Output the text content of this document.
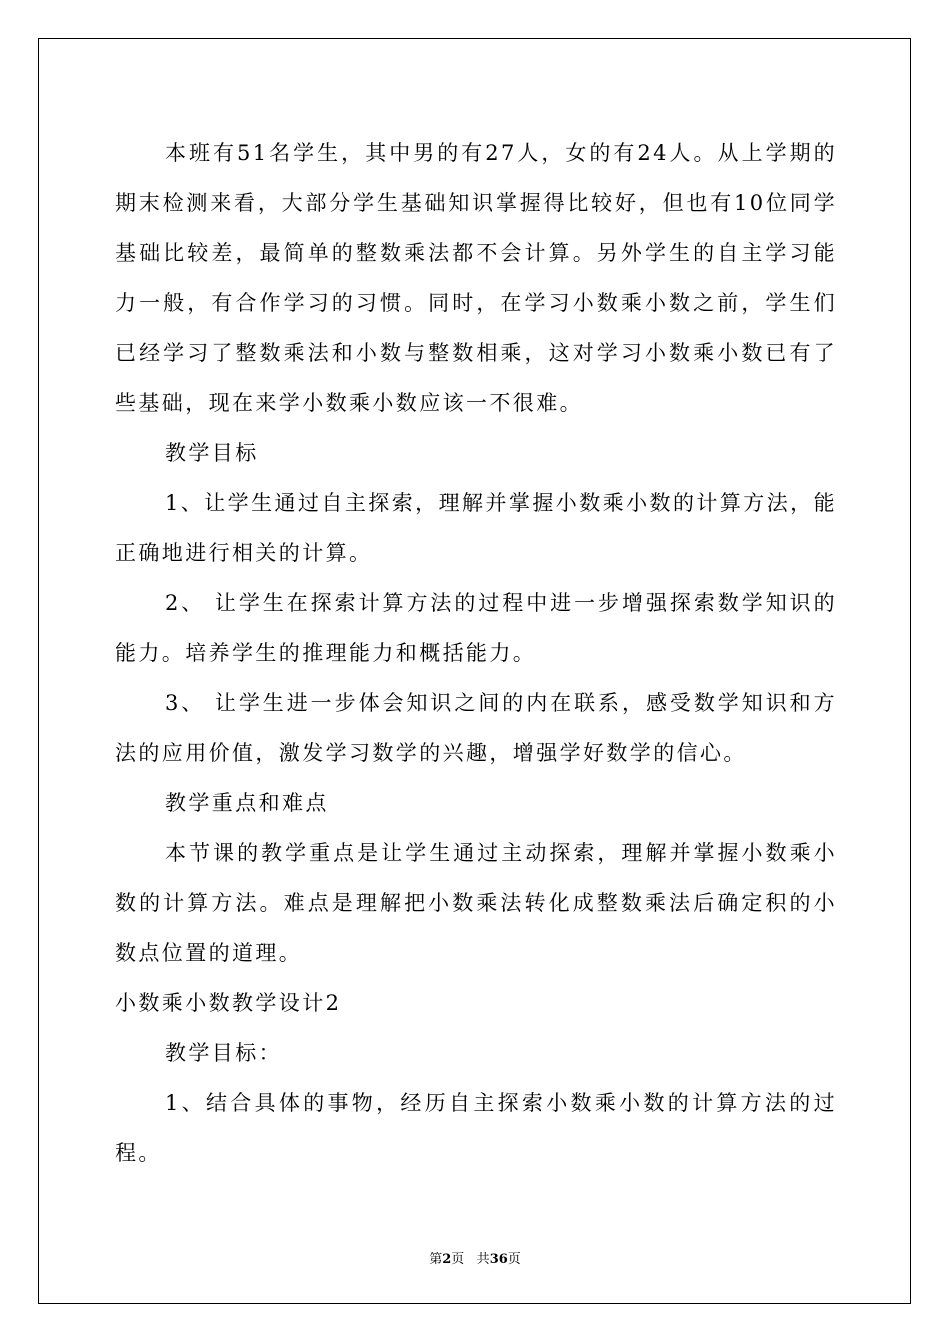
本班有51名学生，其中男的有27人，女的有24人。从上学期的期末检测来看，大部分学生基础知识掌握得比较好，但也有10位同学基础比较差，最简单的整数乘法都不会计算。另外学生的自主学习能力一般，有合作学习的习惯。同时，在学习小数乘小数之前，学生们已经学习了整数乘法和小数与整数相乘，这对学习小数乘小数已有了些基础，现在来学小数乘小数应该一不很难。

教学目标

1、让学生通过自主探索，理解并掌握小数乘小数的计算方法，能正确地进行相关的计算。

2、 让学生在探索计算方法的过程中进一步增强探索数学知识的能力。培养学生的推理能力和概括能力。

3、 让学生进一步体会知识之间的内在联系，感受数学知识和方法的应用价值，激发学习数学的兴趣，增强学好数学的信心。

教学重点和难点

本节课的教学重点是让学生通过主动探索，理解并掌握小数乘小数的计算方法。难点是理解把小数乘法转化成整数乘法后确定积的小数点位置的道理。

小数乘小数教学设计2

教学目标：

1、结合具体的事物，经历自主探索小数乘小数的计算方法的过程。

第2页 共36页
